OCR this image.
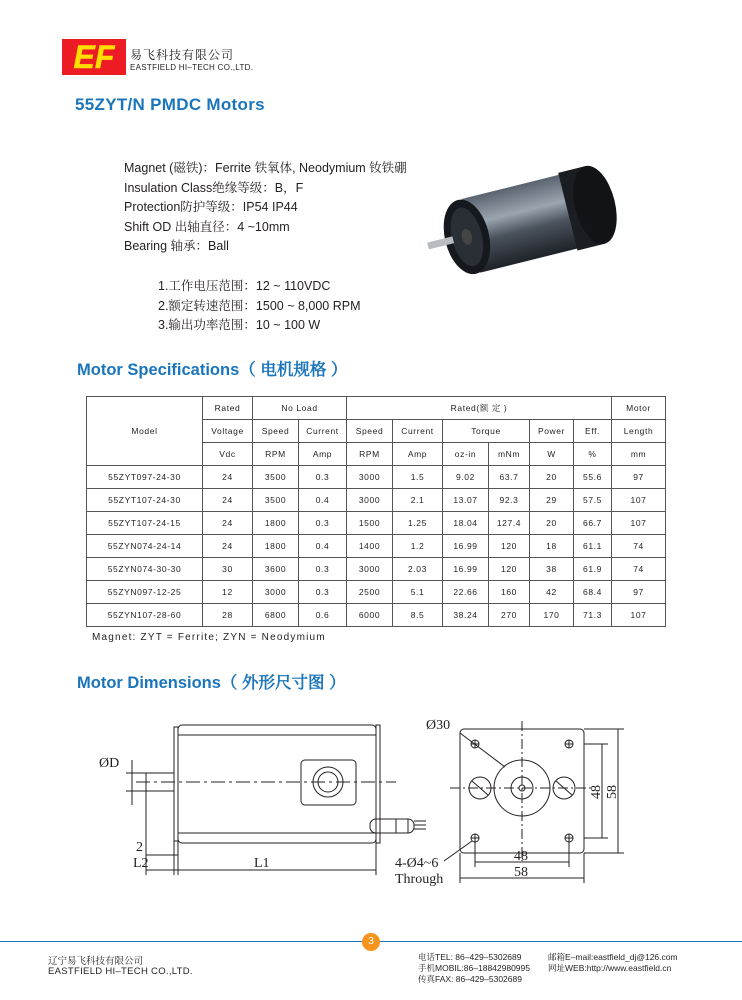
EF 易飞科技有限公司
EASTFIELD HI–TECH CO.,LTD.
55ZYT/N PMDC Motors
Magnet (磁铁)：Ferrite 铁氧体, Neodymium 钕铁硼
Insulation Class绝缘等级：B，F
Protection防护等级：IP54 IP44
Shift OD 出轴直径：4 ~10mm
Bearing 轴承：Ball
1.工作电压范围：12 ~ 110VDC
2.额定转速范围：1500 ~ 8,000 RPM
3.输出功率范围：10 ~ 100 W
Motor Specifications（ 电机规格 ）
Model	Rated	No Load		Rated(额 定 )						Motor
	Voltage	Speed	Current	Speed	Current	Torque		Power	Eff.	Length
	Vdc	RPM	Amp	RPM	Amp	oz-in	mNm	W	%	mm
55ZYT097-24-30	24	3500	0.3	3000	1.5	9.02	63.7	20	55.6	97
55ZYT107-24-30	24	3500	0.4	3000	2.1	13.07	92.3	29	57.5	107
55ZYT107-24-15	24	1800	0.3	1500	1.25	18.04	127.4	20	66.7	107
55ZYN074-24-14	24	1800	0.4	1400	1.2	16.99	120	18	61.1	74
55ZYN074-30-30	30	3600	0.3	3000	2.03	16.99	120	38	61.9	74
55ZYN097-12-25	12	3000	0.3	2500	5.1	22.66	160	42	68.4	97
55ZYN107-28-60	28	6800	0.6	6000	8.5	38.24	270	170	71.3	107
Magnet: ZYT = Ferrite; ZYN = Neodymium
Motor Dimensions（ 外形尺寸图 ）
ØD
2
L2	L1
Ø30
48 58
48
58
4-Ø4~6
Through
3
辽宁易飞科技有限公司
EASTFIELD HI–TECH CO.,LTD.
电话TEL: 86–429–5302689
手机MOBIL:86–18842980995
传真FAX: 86–429–5302689
邮箱E–mail:eastfield_dj@126.com
网址WEB:http://www.eastfield.cn
